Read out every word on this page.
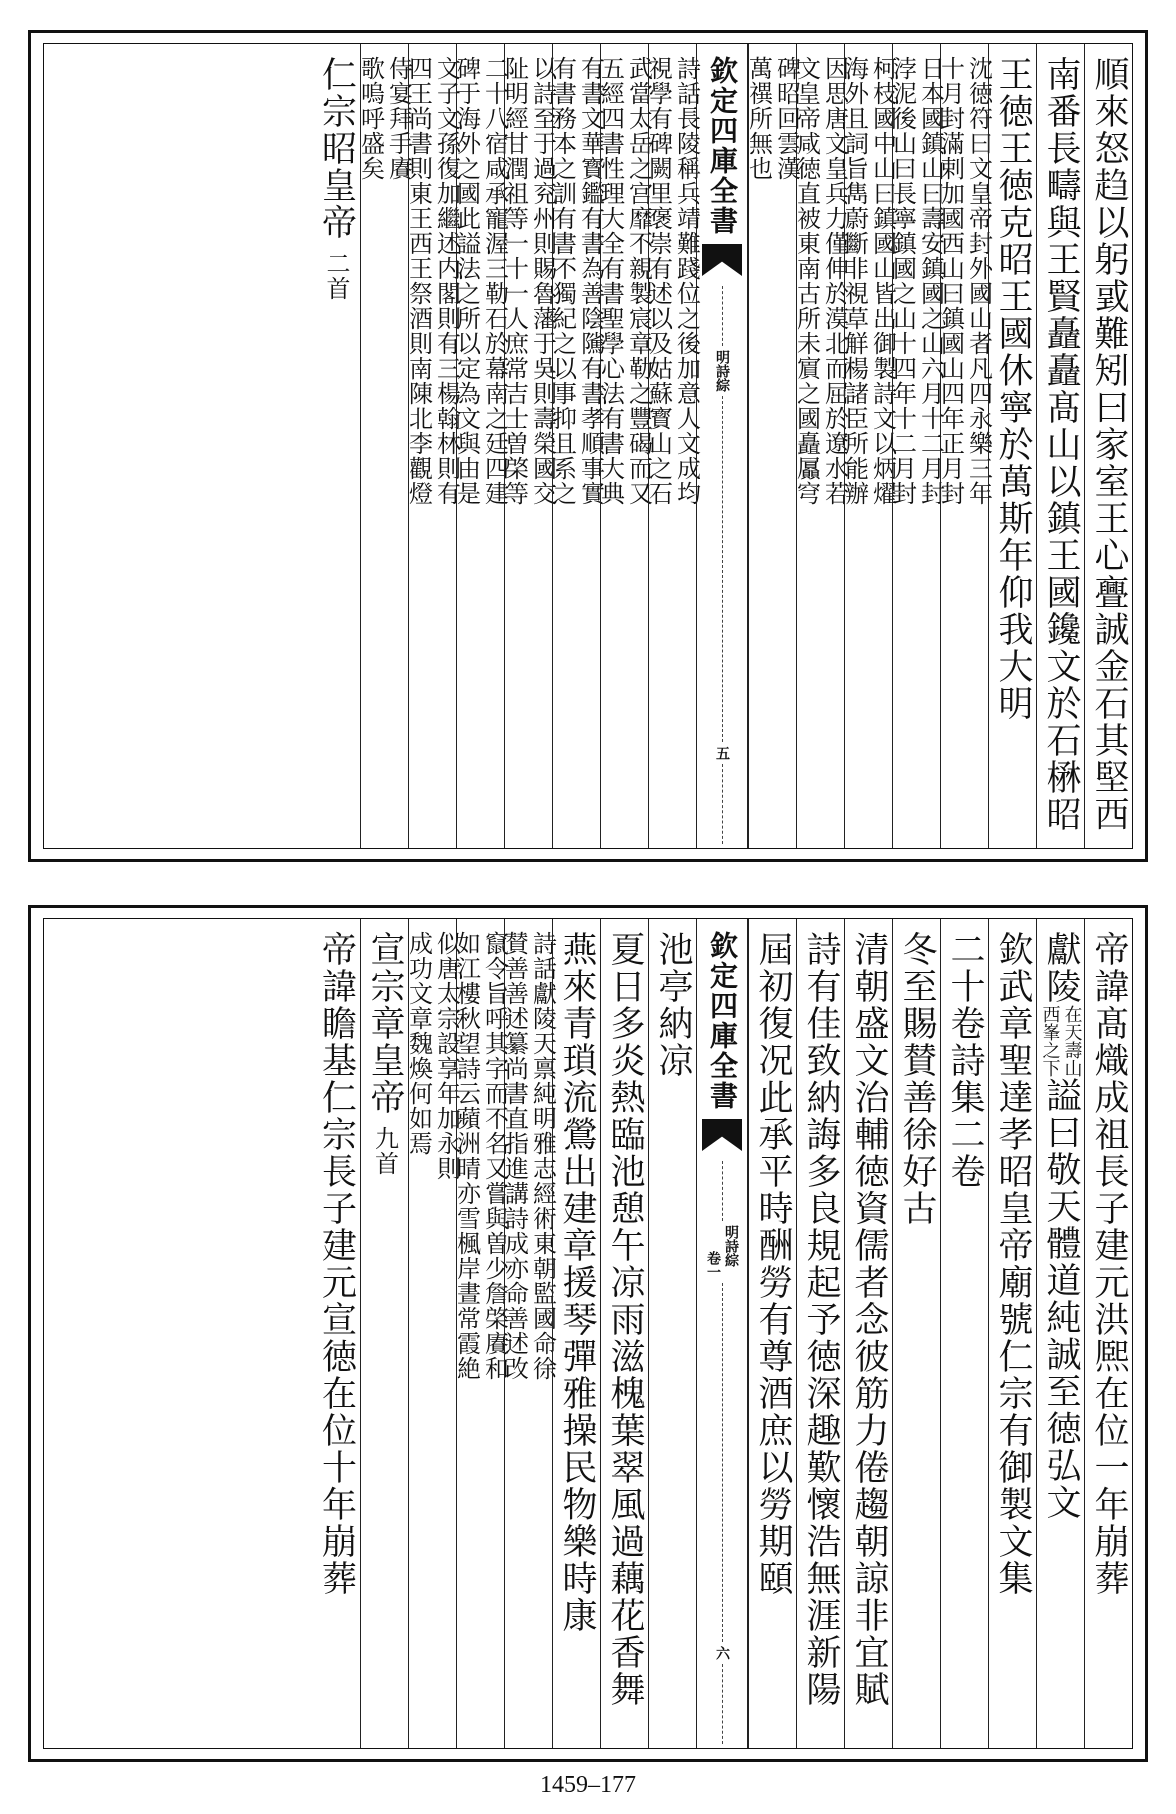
順來怒趋以躬戜難矧曰家室王心亹誠金石其堅西
南番長疇與王賢矗矗髙山以鎮王國鑱文於石楙昭
王徳王徳克昭王國休寧於萬斯年仰我大明
沈徳符曰文皇帝封外國山者凡四永樂三年
十月封滿剌加國西山曰鎮國山四年正月封
日本國鎮山曰壽安鎮國之山六月十二月封
浡泥後山曰長寧鎮國之山十四年十二月封
柯枝國中山曰鎮國山皆出御製詩文以炳燿
海外且詞旨雋蔚斷非視草觧楊諸臣所能辦
因思唐文皇兵力僅伸於漠北而屈於遼水若
文皇帝咸徳直被東南古所未賔之國矗屭穹
碑昭回雲漢
萬禩所無也
欽定四庫全書
明詩綜
五
詩話長陵稱兵靖難踐位之後加意人文成均
視學有碑闕里褒崇有述以及姑蘇寳山之石
武當太岳之宫靡不親製宸章勒之豐碣而又
五經四書性理大全有書聖學心法有書大典
有書文華寳鑑有書為善陰隲有書孝順事實
有書務本之訓有書不獨紀之以事抑且系之
以詩至于過兖州則賜魯藩于吳則壽榮國交
阯明經甘潤祖等一十一人庶常吉士曽棨等
二十八宿咸承寵渥三勒石於幕南之廷四建
碑于海外之國此謚法之所以定為文與由是
文子文孫復加繼述内閣則有三楊翰林則有
四王尚書則東王西王祭酒則南陳北李觀燈
侍宴拜手賡
歌嗚呼盛矣
仁宗昭皇帝
二首
帝諱髙熾成祖長子建元洪熈在位一年崩葬
獻陵
在天壽山
西峯之下
謚曰敬天體道純誠至徳弘文
欽武章聖達孝昭皇帝廟號仁宗有御製文集
二十卷詩集二卷
冬至賜賛善徐好古
清朝盛文治輔徳資儒者念彼筋力倦趨朝諒非宜賦
詩有佳致納誨多良規起予徳深趣歎懷浩無涯新陽
屆初復况此承平時酬勞有尊酒庶以勞期頤
欽定四庫全書
明詩綜
卷一
六
池亭納凉
夏日多炎熱臨池憩午凉雨滋槐葉翠風過藕花香舞
燕來青瑣流鶯出建章援琴彈雅操民物樂時康
詩話獻陵天禀純明雅志經術東朝監國命徐
賛善善述纂尚書直指進講詩成亦命善述改
竄令旨呼其字而不名又嘗與曽少詹棨賡和
如江樓秋望詩云蘋洲晴亦雪楓岸晝常霞絶
似唐太宗設享年加永則
成功文章魏煥何如焉
宣宗章皇帝
九首
帝諱瞻基仁宗長子建元宣徳在位十年崩葬
1459–177
